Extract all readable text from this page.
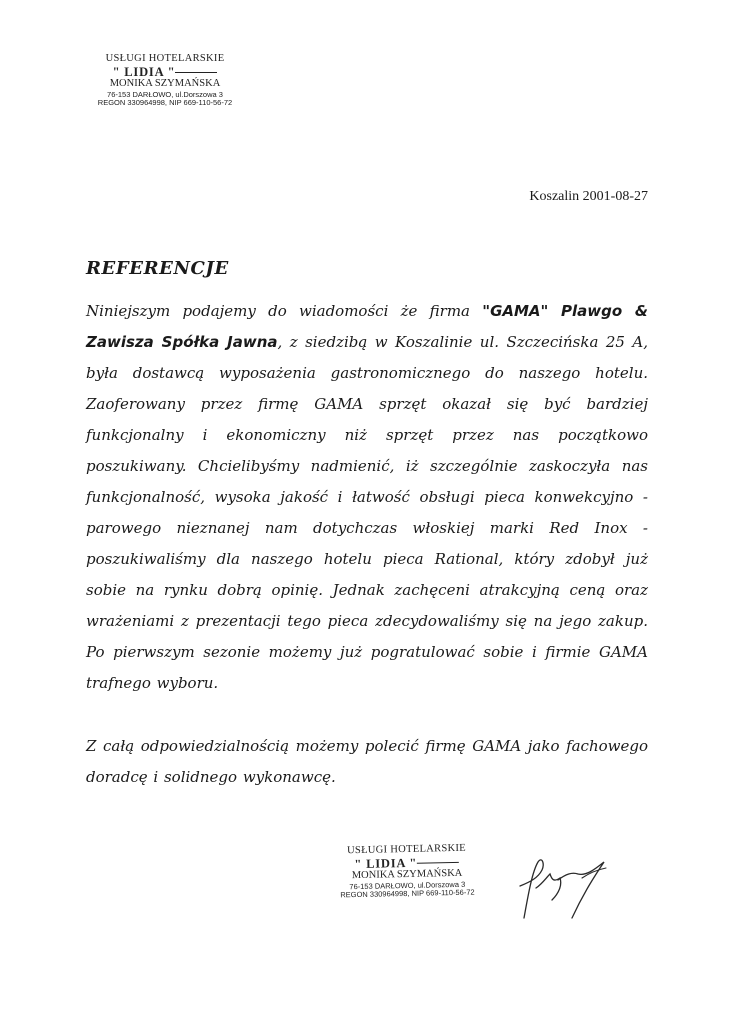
USŁUGI HOTELARSKIE
" LIDIA "
MONIKA SZYMAŃSKA
76-153 DARŁOWO, ul.Dorszowa 3
REGON 330964998, NIP 669-110-56-72
Koszalin 2001-08-27
REFERENCJE
Niniejszym podajemy do wiadomości że firma "GAMA" Plawgo & Zawisza Spółka Jawna, z siedzibą w Koszalinie ul. Szczecińska 25 A, była dostawcą wyposażenia gastronomicznego do naszego hotelu. Zaoferowany przez firmę GAMA sprzęt okazał się być bardziej funkcjonalny i ekonomiczny niż sprzęt przez nas początkowo poszukiwany. Chcielibyśmy nadmienić, iż szczególnie zaskoczyła nas funkcjonalność, wysoka jakość i łatwość obsługi pieca konwekcyjno - parowego nieznanej nam dotychczas włoskiej marki Red Inox - poszukiwaliśmy dla naszego hotelu pieca Rational, który zdobył już sobie na rynku dobrą opinię. Jednak zachęceni atrakcyjną ceną oraz wrażeniami z prezentacji tego pieca zdecydowaliśmy się na jego zakup. Po pierwszym sezonie możemy już pogratulować sobie i firmie GAMA trafnego wyboru.
Z całą odpowiedzialnością możemy polecić firmę GAMA jako fachowego doradcę i solidnego wykonawcę.
USŁUGI HOTELARSKIE
" LIDIA "
MONIKA SZYMAŃSKA
76-153 DARŁOWO, ul.Dorszowa 3
REGON 330964998, NIP 669-110-56-72
